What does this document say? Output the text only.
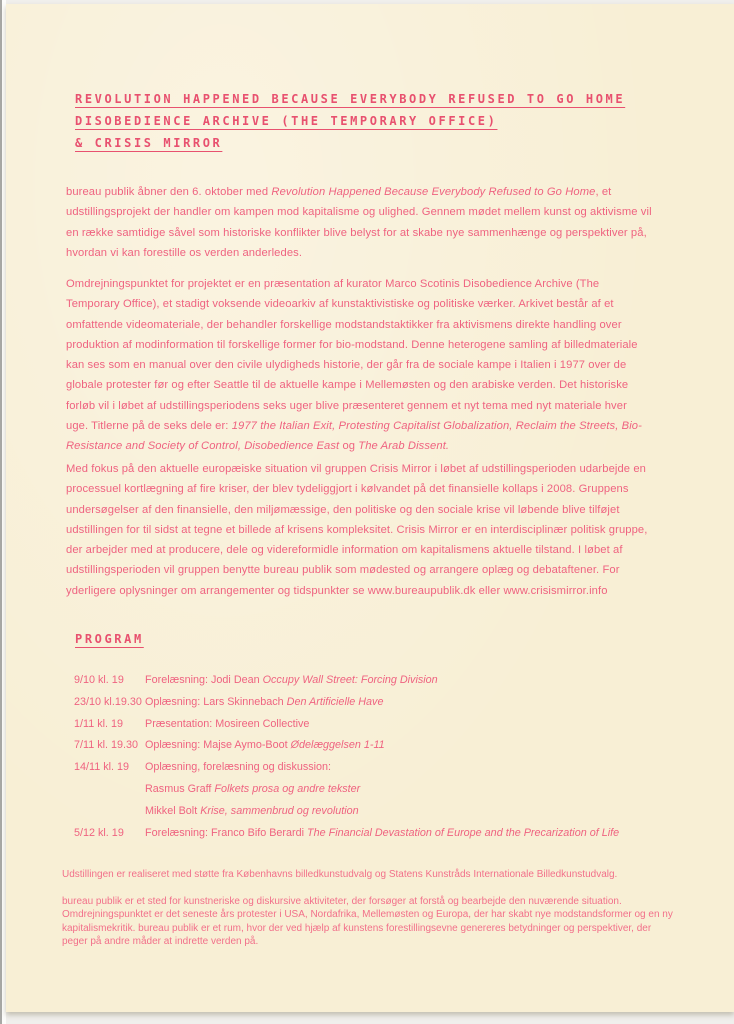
REVOLUTION HAPPENED BECAUSE EVERYBODY REFUSED TO GO HOME
DISOBEDIENCE ARCHIVE (THE TEMPORARY OFFICE)
& CRISIS MIRROR

bureau publik åbner den 6. oktober med Revolution Happened Because Everybody Refused to Go Home, et udstillingsprojekt der handler om kampen mod kapitalisme og ulighed. Gennem mødet mellem kunst og aktivisme vil en række samtidige såvel som historiske konflikter blive belyst for at skabe nye sammenhænge og perspektiver på, hvordan vi kan forestille os verden anderledes.

Omdrejningspunktet for projektet er en præsentation af kurator Marco Scotinis Disobedience Archive (The Temporary Office), et stadigt voksende videoarkiv af kunstaktivistiske og politiske værker. Arkivet består af et omfattende videomateriale, der behandler forskellige modstandstaktikker fra aktivismens direkte handling over produktion af modinformation til forskellige former for bio-modstand. Denne heterogene samling af billedmateriale kan ses som en manual over den civile ulydigheds historie, der går fra de sociale kampe i Italien i 1977 over de globale protester før og efter Seattle til de aktuelle kampe i Mellemøsten og den arabiske verden. Det historiske forløb vil i løbet af udstillingsperiodens seks uger blive præsenteret gennem et nyt tema med nyt materiale hver uge. Titlerne på de seks dele er: 1977 the Italian Exit, Protesting Capitalist Globalization, Reclaim the Streets, Bio-Resistance and Society of Control, Disobedience East og The Arab Dissent.

Med fokus på den aktuelle europæiske situation vil gruppen Crisis Mirror i løbet af udstillingsperioden udarbejde en processuel kortlægning af fire kriser, der blev tydeliggjort i kølvandet på det finansielle kollaps i 2008. Gruppens undersøgelser af den finansielle, den miljømæssige, den politiske og den sociale krise vil løbende blive tilføjet udstillingen for til sidst at tegne et billede af krisens kompleksitet. Crisis Mirror er en interdisciplinær politisk gruppe, der arbejder med at producere, dele og videreformidle information om kapitalismens aktuelle tilstand. I løbet af udstillingsperioden vil gruppen benytte bureau publik som mødested og arrangere oplæg og debataftener. For yderligere oplysninger om arrangementer og tidspunkter se www.bureaupublik.dk eller www.crisismirror.info

PROGRAM
9/10 kl. 19	Forelæsning: Jodi Dean Occupy Wall Street: Forcing Division
23/10 kl.19.30 Oplæsning: Lars Skinnebach Den Artificielle Have
1/11 kl. 19	Præsentation: Mosireen Collective
7/11 kl. 19.30 Oplæsning: Majse Aymo-Boot Ødelæggelsen 1-11
14/11 kl. 19	Oplæsning, forelæsning og diskussion:
Rasmus Graff Folkets prosa og andre tekster
Mikkel Bolt Krise, sammenbrud og revolution
5/12 kl. 19	Forelæsning: Franco Bifo Berardi The Financial Devastation of Europe and the Precarization of Life

Udstillingen er realiseret med støtte fra Københavns billedkunstudvalg og Statens Kunstråds Internationale Billedkunstudvalg.

bureau publik er et sted for kunstneriske og diskursive aktiviteter, der forsøger at forstå og bearbejde den nuværende situation. Omdrejningspunktet er det seneste års protester i USA, Nordafrika, Mellemøsten og Europa, der har skabt nye modstandsformer og en ny kapitalismekritik. bureau publik er et rum, hvor der ved hjælp af kunstens forestillingsevne genereres betydninger og perspektiver, der peger på andre måder at indrette verden på.
